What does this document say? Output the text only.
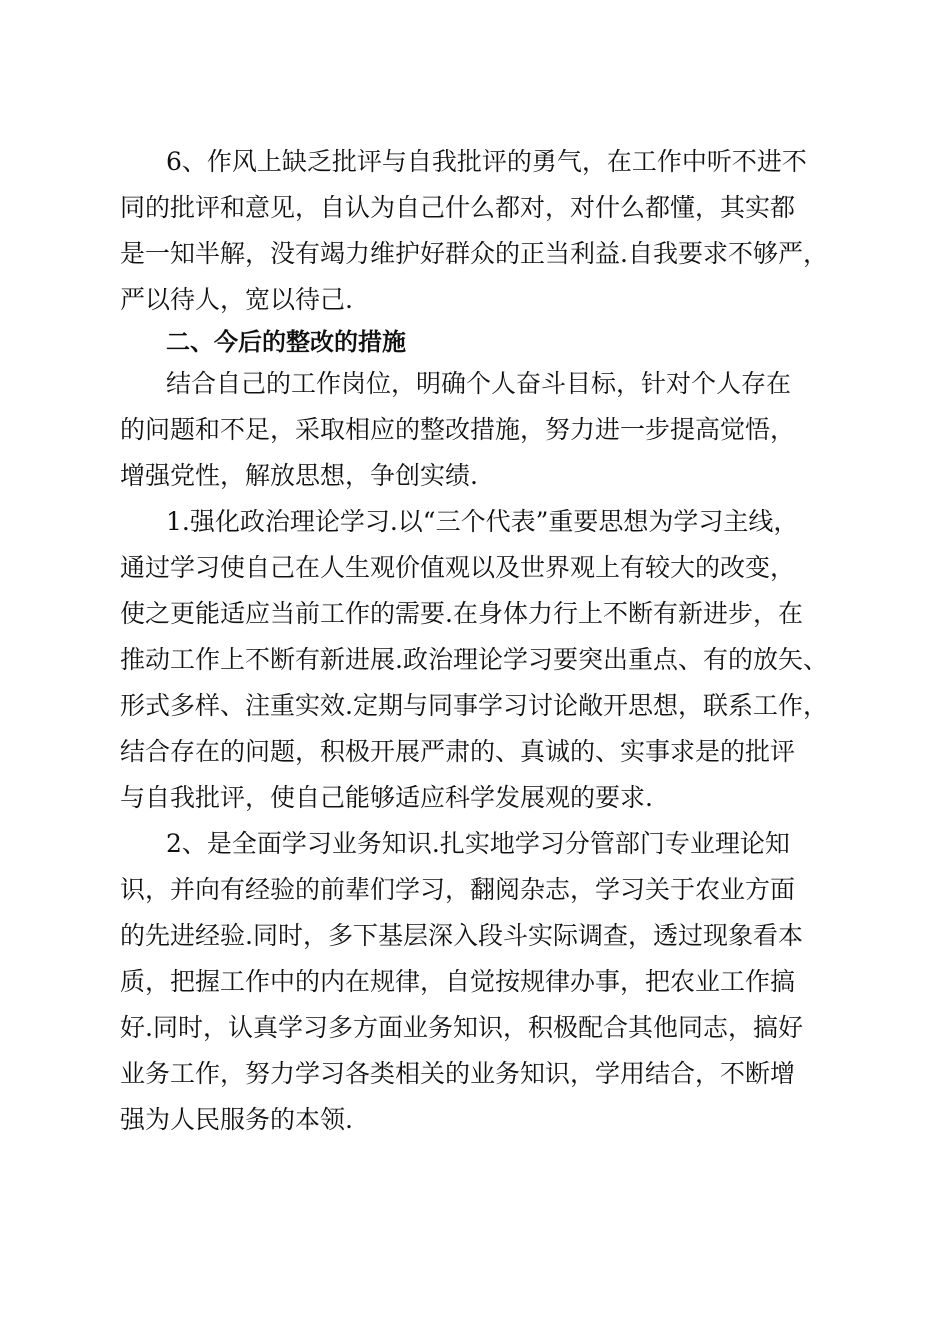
6、作风上缺乏批评与自我批评的勇气，在工作中听不进不
同的批评和意见，自认为自己什么都对，对什么都懂，其实都
是一知半解，没有竭力维护好群众的正当利益.自我要求不够严，
严以待人，宽以待己.
二、今后的整改的措施
结合自己的工作岗位，明确个人奋斗目标，针对个人存在
的问题和不足，采取相应的整改措施，努力进一步提高觉悟，
增强党性，解放思想，争创实绩.
1.强化政治理论学习.以“三个代表”重要思想为学习主线，
通过学习使自己在人生观价值观以及世界观上有较大的改变，
使之更能适应当前工作的需要.在身体力行上不断有新进步，在
推动工作上不断有新进展.政治理论学习要突出重点、有的放矢、
形式多样、注重实效.定期与同事学习讨论敞开思想，联系工作，
结合存在的问题，积极开展严肃的、真诚的、实事求是的批评
与自我批评，使自己能够适应科学发展观的要求.
2、是全面学习业务知识.扎实地学习分管部门专业理论知
识，并向有经验的前辈们学习，翻阅杂志，学习关于农业方面
的先进经验.同时，多下基层深入段斗实际调查，透过现象看本
质，把握工作中的内在规律，自觉按规律办事，把农业工作搞
好.同时，认真学习多方面业务知识，积极配合其他同志，搞好
业务工作，努力学习各类相关的业务知识，学用结合，不断增
强为人民服务的本领.
